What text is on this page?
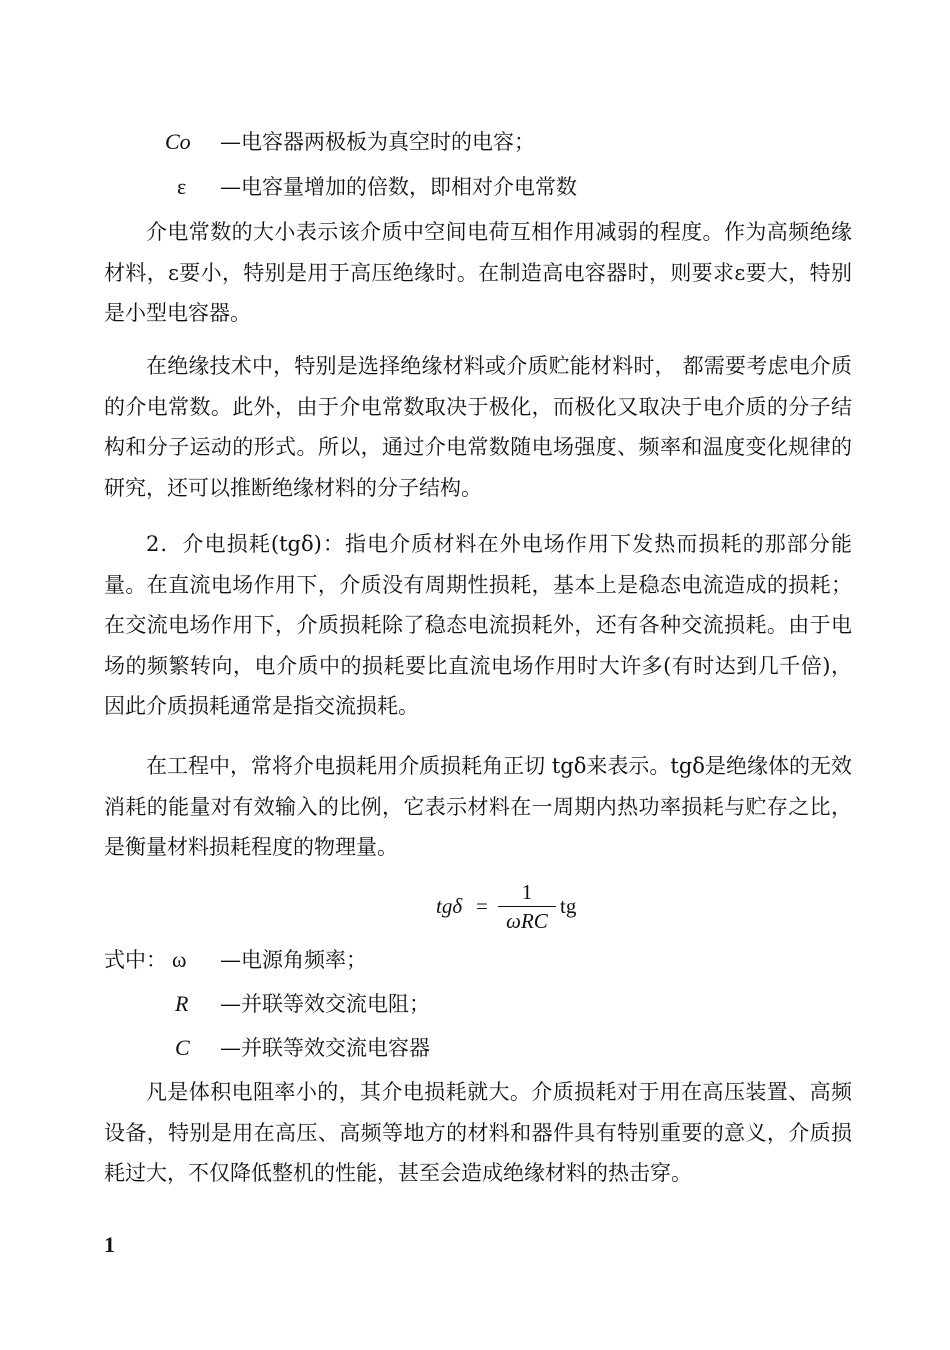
Co —电容器两极板为真空时的电容；
ε —电容量增加的倍数，即相对介电常数

介电常数的大小表示该介质中空间电荷互相作用减弱的程度。作为高频绝缘材料，ε要小，特别是用于高压绝缘时。在制造高电容器时，则要求ε要大，特别是小型电容器。

在绝缘技术中，特别是选择绝缘材料或介质贮能材料时， 都需要考虑电介质的介电常数。此外，由于介电常数取决于极化，而极化又取决于电介质的分子结构和分子运动的形式。所以，通过介电常数随电场强度、频率和温度变化规律的研究，还可以推断绝缘材料的分子结构。

2．介电损耗(tgδ)：指电介质材料在外电场作用下发热而损耗的那部分能量。在直流电场作用下，介质没有周期性损耗，基本上是稳态电流造成的损耗；在交流电场作用下，介质损耗除了稳态电流损耗外，还有各种交流损耗。由于电场的频繁转向，电介质中的损耗要比直流电场作用时大许多(有时达到几千倍)，因此介质损耗通常是指交流损耗。

在工程中，常将介电损耗用介质损耗角正切 tgδ来表示。tgδ是绝缘体的无效消耗的能量对有效输入的比例，它表示材料在一周期内热功率损耗与贮存之比，是衡量材料损耗程度的物理量。

tgδ =
1
ωRC
tg
式中： ω —电源角频率；
R —并联等效交流电阻；
C —并联等效交流电容器

凡是体积电阻率小的，其介电损耗就大。介质损耗对于用在高压装置、高频设备，特别是用在高压、高频等地方的材料和器件具有特别重要的意义，介质损耗过大，不仅降低整机的性能，甚至会造成绝缘材料的热击穿。

1
